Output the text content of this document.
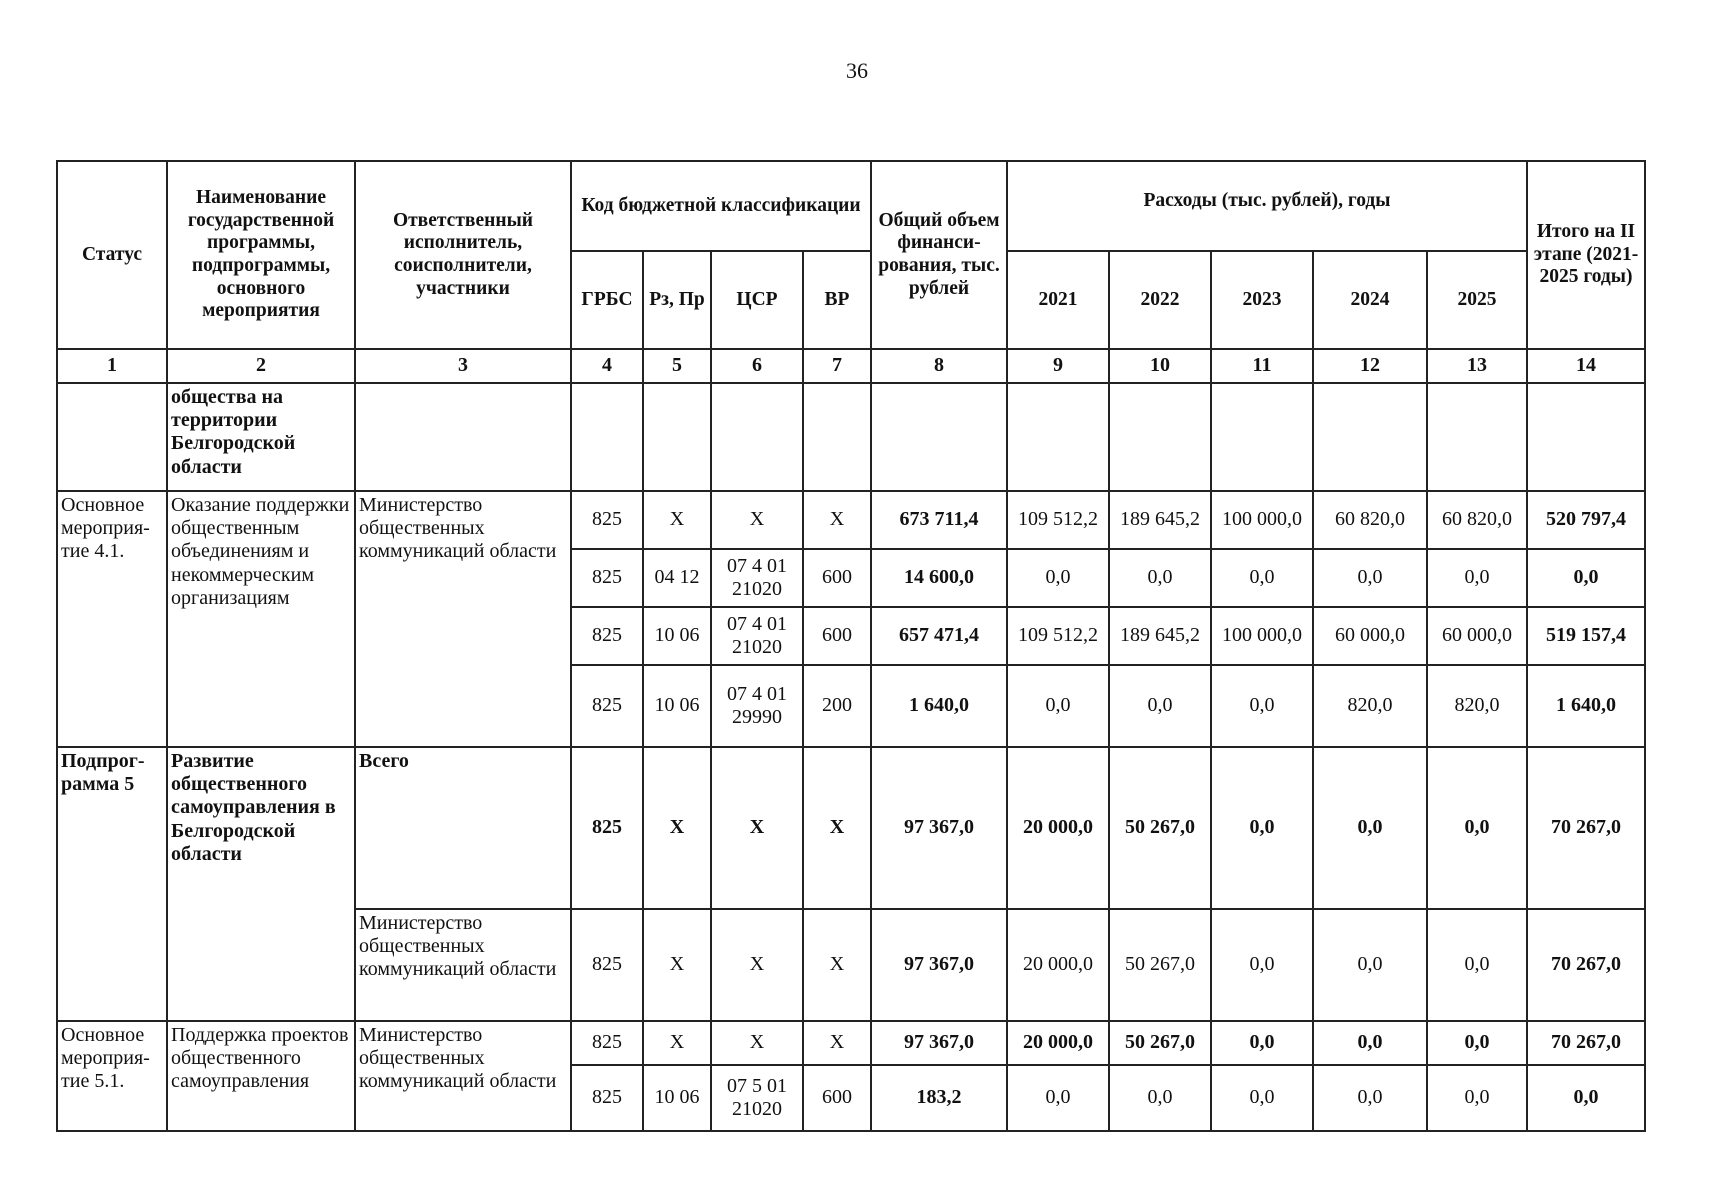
36
Статус	Наименование государственной программы, подпрограммы, основного мероприятия	Ответственный исполнитель, соисполнители, участники	Код бюджетной классификации				Общий объем финанси-рования, тыс. рублей	Расходы (тыс. рублей), годы					Итого на II этапе (2021-2025 годы)
			ГРБС	Рз, Пр	ЦСР	ВР		2021	2022	2023	2024	2025	
1	2	3	4	5	6	7	8	9	10	11	12	13	14
	общества на территории Белгородской области												
Основное мероприя-тие 4.1.	Оказание поддержки общественным объединениям и некоммерческим организациям	Министерство общественных коммуникаций области	825	Х	Х	Х	673 711,4	109 512,2	189 645,2	100 000,0	60 820,0	60 820,0	520 797,4
			825	04 12	07 4 01 21020	600	14 600,0	0,0	0,0	0,0	0,0	0,0	0,0
			825	10 06	07 4 01 21020	600	657 471,4	109 512,2	189 645,2	100 000,0	60 000,0	60 000,0	519 157,4
			825	10 06	07 4 01 29990	200	1 640,0	0,0	0,0	0,0	820,0	820,0	1 640,0
Подпрог-рамма 5	Развитие общественного самоуправления в Белгородской области	Всего	825	Х	Х	Х	97 367,0	20 000,0	50 267,0	0,0	0,0	0,0	70 267,0
		Министерство общественных коммуникаций области	825	Х	Х	Х	97 367,0	20 000,0	50 267,0	0,0	0,0	0,0	70 267,0
Основное мероприя-тие 5.1.	Поддержка проектов общественного самоуправления	Министерство общественных коммуникаций области	825	Х	Х	Х	97 367,0	20 000,0	50 267,0	0,0	0,0	0,0	70 267,0
			825	10 06	07 5 01 21020	600	183,2	0,0	0,0	0,0	0,0	0,0	0,0
